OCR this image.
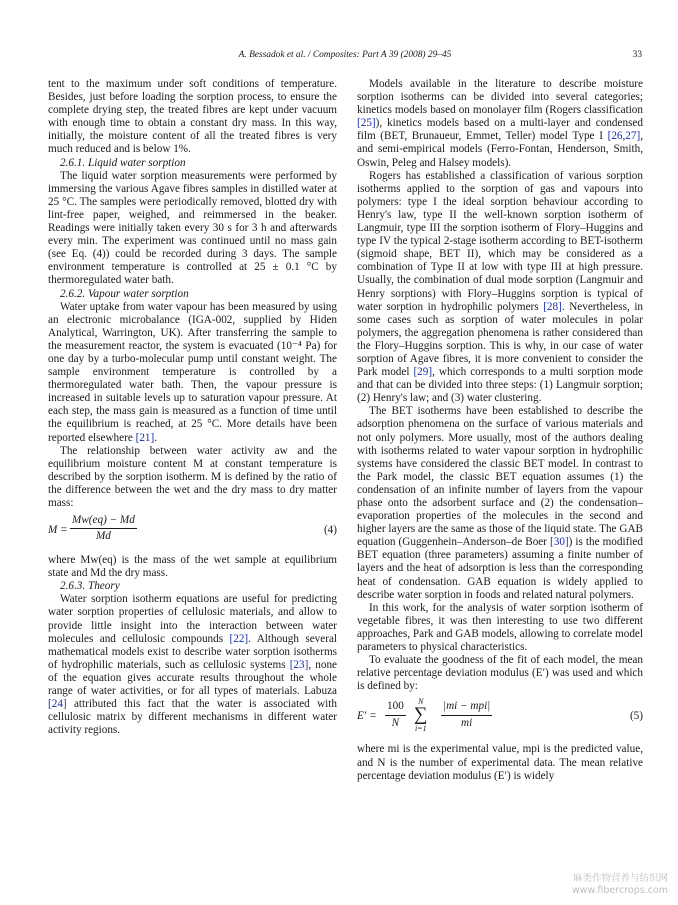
A. Bessadok et al. / Composites: Part A 39 (2008) 29–45	33

tent to the maximum under soft conditions of temperature. Besides, just before loading the sorption process, to ensure the complete drying step, the treated fibres are kept under vacuum with enough time to obtain a constant dry mass. In this way, initially, the moisture content of all the treated fibres is very much reduced and is below 1%.

2.6.1. Liquid water sorption

The liquid water sorption measurements were performed by immersing the various Agave fibres samples in distilled water at 25 °C. The samples were periodically removed, blotted dry with lint-free paper, weighed, and reimmersed in the beaker. Readings were initially taken every 30 s for 3 h and afterwards every min. The experiment was continued until no mass gain (see Eq. (4)) could be recorded during 3 days. The sample environment temperature is controlled at 25 ± 0.1 °C by thermoregulated water bath.

2.6.2. Vapour water sorption

Water uptake from water vapour has been measured by using an electronic microbalance (IGA-002, supplied by Hiden Analytical, Warrington, UK). After transferring the sample to the measurement reactor, the system is evacuated (10⁻⁴ Pa) for one day by a turbo-molecular pump until constant weight. The sample environment temperature is controlled by a thermoregulated water bath. Then, the vapour pressure is increased in suitable levels up to saturation vapour pressure. At each step, the mass gain is measured as a function of time until the equilibrium is reached, at 25 °C. More details have been reported elsewhere [21].

The relationship between water activity aw and the equilibrium moisture content M at constant temperature is described by the sorption isotherm. M is defined by the ratio of the difference between the wet and the dry mass to dry matter mass:

$M = \frac{Mw(eq) - Md}{Md}$	(4)

where Mw(eq) is the mass of the wet sample at equilibrium state and Md the dry mass.

2.6.3. Theory

Water sorption isotherm equations are useful for predicting water sorption properties of cellulosic materials, and allow to provide little insight into the interaction between water molecules and cellulosic compounds [22]. Although several mathematical models exist to describe water sorption isotherms of hydrophilic materials, such as cellulosic systems [23], none of the equation gives accurate results throughout the whole range of water activities, or for all types of materials. Labuza [24] attributed this fact that the water is associated with cellulosic matrix by different mechanisms in different water activity regions.

Models available in the literature to describe moisture sorption isotherms can be divided into several categories; kinetics models based on monolayer film (Rogers classification [25]), kinetics models based on a multi-layer and condensed film (BET, Brunaueur, Emmet, Teller) model Type I [26,27], and semi-empirical models (Ferro-Fontan, Henderson, Smith, Oswin, Peleg and Halsey models).

Rogers has established a classification of various sorption isotherms applied to the sorption of gas and vapours into polymers: type I the ideal sorption behaviour according to Henry's law, type II the well-known sorption isotherm of Langmuir, type III the sorption isotherm of Flory–Huggins and type IV the typical 2-stage isotherm according to BET-isotherm (sigmoid shape, BET II), which may be considered as a combination of Type II at low with type III at high pressure. Usually, the combination of dual mode sorption (Langmuir and Henry sorptions) with Flory–Huggins sorption is typical of water sorption in hydrophilic polymers [28]. Nevertheless, in some cases such as sorption of water molecules in polar polymers, the aggregation phenomena is rather considered than the Flory–Huggins sorption. This is why, in our case of water sorption of Agave fibres, it is more convenient to consider the Park model [29], which corresponds to a multi sorption mode and that can be divided into three steps: (1) Langmuir sorption; (2) Henry's law; and (3) water clustering.

The BET isotherms have been established to describe the adsorption phenomena on the surface of various materials and not only polymers. More usually, most of the authors dealing with isotherms related to water vapour sorption in hydrophilic systems have considered the classic BET model. In contrast to the Park model, the classic BET equation assumes (1) the condensation of an infinite number of layers from the vapour phase onto the adsorbent surface and (2) the condensation–evaporation properties of the molecules in the second and higher layers are the same as those of the liquid state. The GAB equation (Guggenhein–Anderson–de Boer [30]) is the modified BET equation (three parameters) assuming a finite number of layers and the heat of adsorption is less than the corresponding heat of condensation. GAB equation is widely applied to describe water sorption in foods and related natural polymers.

In this work, for the analysis of water sorption isotherm of vegetable fibres, it was then interesting to use two different approaches, Park and GAB models, allowing to correlate model parameters to physical characteristics.

To evaluate the goodness of the fit of each model, the mean relative percentage deviation modulus (E′) was used and which is defined by:

$E' = \frac{100}{N}$	N
∑
i=1
|mi − mpi|
mi
(5)

where mi is the experimental value, mpi is the predicted value, and N is the number of experimental data. The mean relative percentage deviation modulus (E′) is widely

麻类作物营养与纺织网
www.fibercrops.com
